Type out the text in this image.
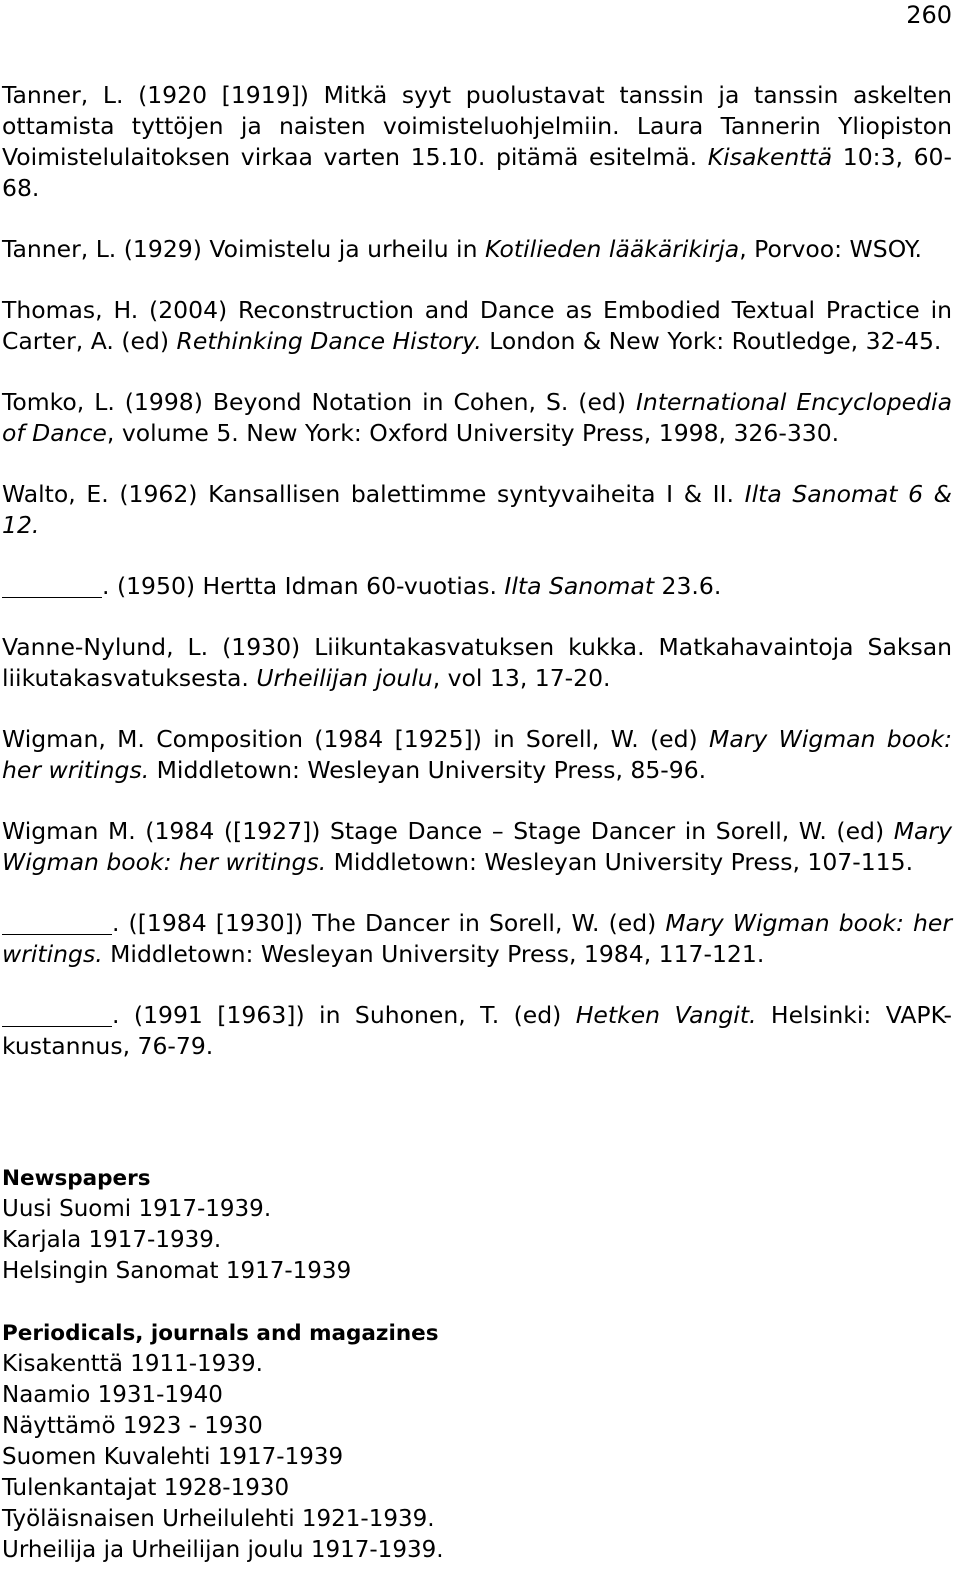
260

Tanner, L. (1920 [1919]) Mitkä syyt puolustavat tanssin ja tanssin askelten ottamista tyttöjen ja naisten voimisteluohjelmiin. Laura Tannerin Yliopiston Voimistelulaitoksen virkaa varten 15.10. pitämä esitelmä. Kisakenttä 10:3, 60-68.

Tanner, L. (1929) Voimistelu ja urheilu in Kotilieden lääkärikirja, Porvoo: WSOY.

Thomas, H. (2004) Reconstruction and Dance as Embodied Textual Practice in Carter, A. (ed) Rethinking Dance History. London & New York: Routledge, 32-45.

Tomko, L. (1998) Beyond Notation in Cohen, S. (ed) International Encyclopedia of Dance, volume 5. New York: Oxford University Press, 1998, 326-330.

Walto, E. (1962) Kansallisen balettimme syntyvaiheita I & II. Ilta Sanomat 6 & 12.

. (1950) Hertta Idman 60-vuotias. Ilta Sanomat 23.6.

Vanne-Nylund, L. (1930) Liikuntakasvatuksen kukka. Matkahavaintoja Saksan liikutakasvatuksesta. Urheilijan joulu, vol 13, 17-20.

Wigman, M. Composition (1984 [1925]) in Sorell, W. (ed) Mary Wigman book: her writings. Middletown: Wesleyan University Press, 85-96.

Wigman M. (1984 ([1927]) Stage Dance – Stage Dancer in Sorell, W. (ed) Mary Wigman book: her writings. Middletown: Wesleyan University Press, 107-115.

. ([1984 [1930]) The Dancer in Sorell, W. (ed) Mary Wigman book: her writings. Middletown: Wesleyan University Press, 1984, 117-121.

. (1991 [1963]) in Suhonen, T. (ed) Hetken Vangit. Helsinki: VAPK-kustannus, 76-79.

Newspapers
Uusi Suomi 1917-1939.
Karjala 1917-1939.
Helsingin Sanomat 1917-1939
Periodicals, journals and magazines
Kisakenttä 1911-1939.
Naamio 1931-1940
Näyttämö 1923 - 1930
Suomen Kuvalehti 1917-1939
Tulenkantajat 1928-1930
Työläisnaisen Urheilulehti 1921-1939.
Urheilija ja Urheilijan joulu 1917-1939.
